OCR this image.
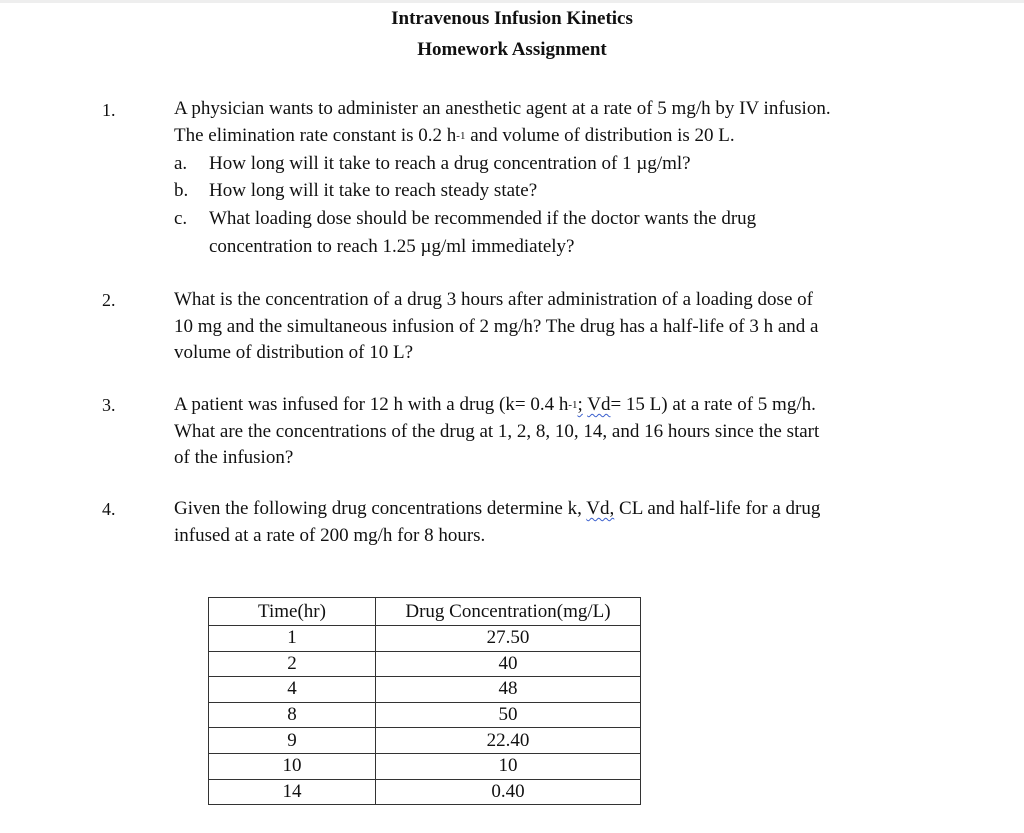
Intravenous Infusion Kinetics
Homework Assignment
1.	A physician wants to administer an anesthetic agent at a rate of 5 mg/h by IV infusion.
The elimination rate constant is 0.2 $h^{-1}$ and volume of distribution is 20 L.
a. How long will it take to reach a drug concentration of 1 µg/ml?
b. How long will it take to reach steady state?
c. What loading dose should be recommended if the doctor wants the drug
concentration to reach 1.25 µg/ml immediately?
2.	What is the concentration of a drug 3 hours after administration of a loading dose of
10 mg and the simultaneous infusion of 2 mg/h? The drug has a half-life of 3 h and a
volume of distribution of 10 L?
3.	A patient was infused for 12 h with a drug (k= 0.4 $h^{-1}$; Vd= 15 L) at a rate of 5 mg/h.
What are the concentrations of the drug at 1, 2, 8, 10, 14, and 16 hours since the start
of the infusion?
4.	Given the following drug concentrations determine k, Vd, CL and half-life for a drug
infused at a rate of 200 mg/h for 8 hours.
Time(hr)	Drug Concentration(mg/L)
1	27.50
2	40
4	48
8	50
9	22.40
10	10
14	0.40
